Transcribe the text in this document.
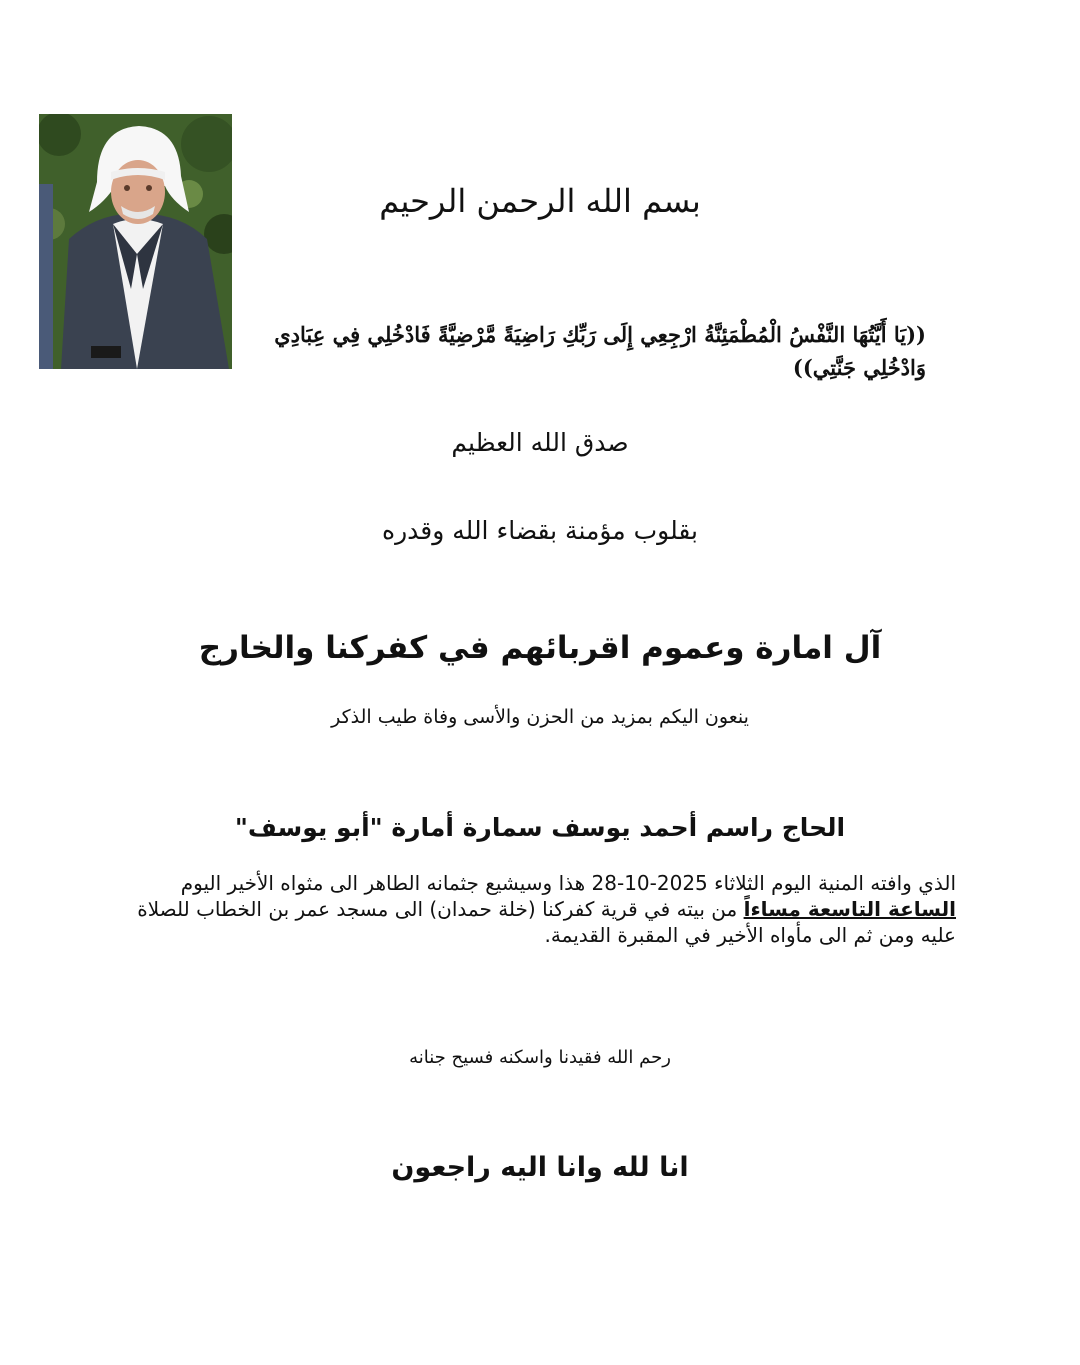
بسم الله الرحمن الرحيم
((يَا أَيَّتُهَا النَّفْسُ الْمُطْمَئِنَّةُ ارْجِعِي إِلَى رَبِّكِ رَاضِيَةً مَّرْضِيَّةً فَادْخُلِي فِي عِبَادِي وَادْخُلِي جَنَّتِي))
صدق الله العظيم
بقلوب مؤمنة بقضاء الله وقدره
آل امارة وعموم اقربائهم في كفركنا والخارج
ينعون اليكم بمزيد من الحزن والأسى وفاة طيب الذكر
الحاج راسم أحمد يوسف سمارة أمارة "أبو يوسف"
الذي وافته المنية اليوم الثلاثاء 2025-10-28 هذا وسيشيع جثمانه الطاهر الى مثواه الأخير اليوم الساعة التاسعة مساءاً من بيته في قرية كفركنا (خلة حمدان) الى مسجد عمر بن الخطاب للصلاة عليه ومن ثم الى مأواه الأخير في المقبرة القديمة.
رحم الله فقيدنا واسكنه فسيح جنانه
انا لله وانا اليه راجعون
